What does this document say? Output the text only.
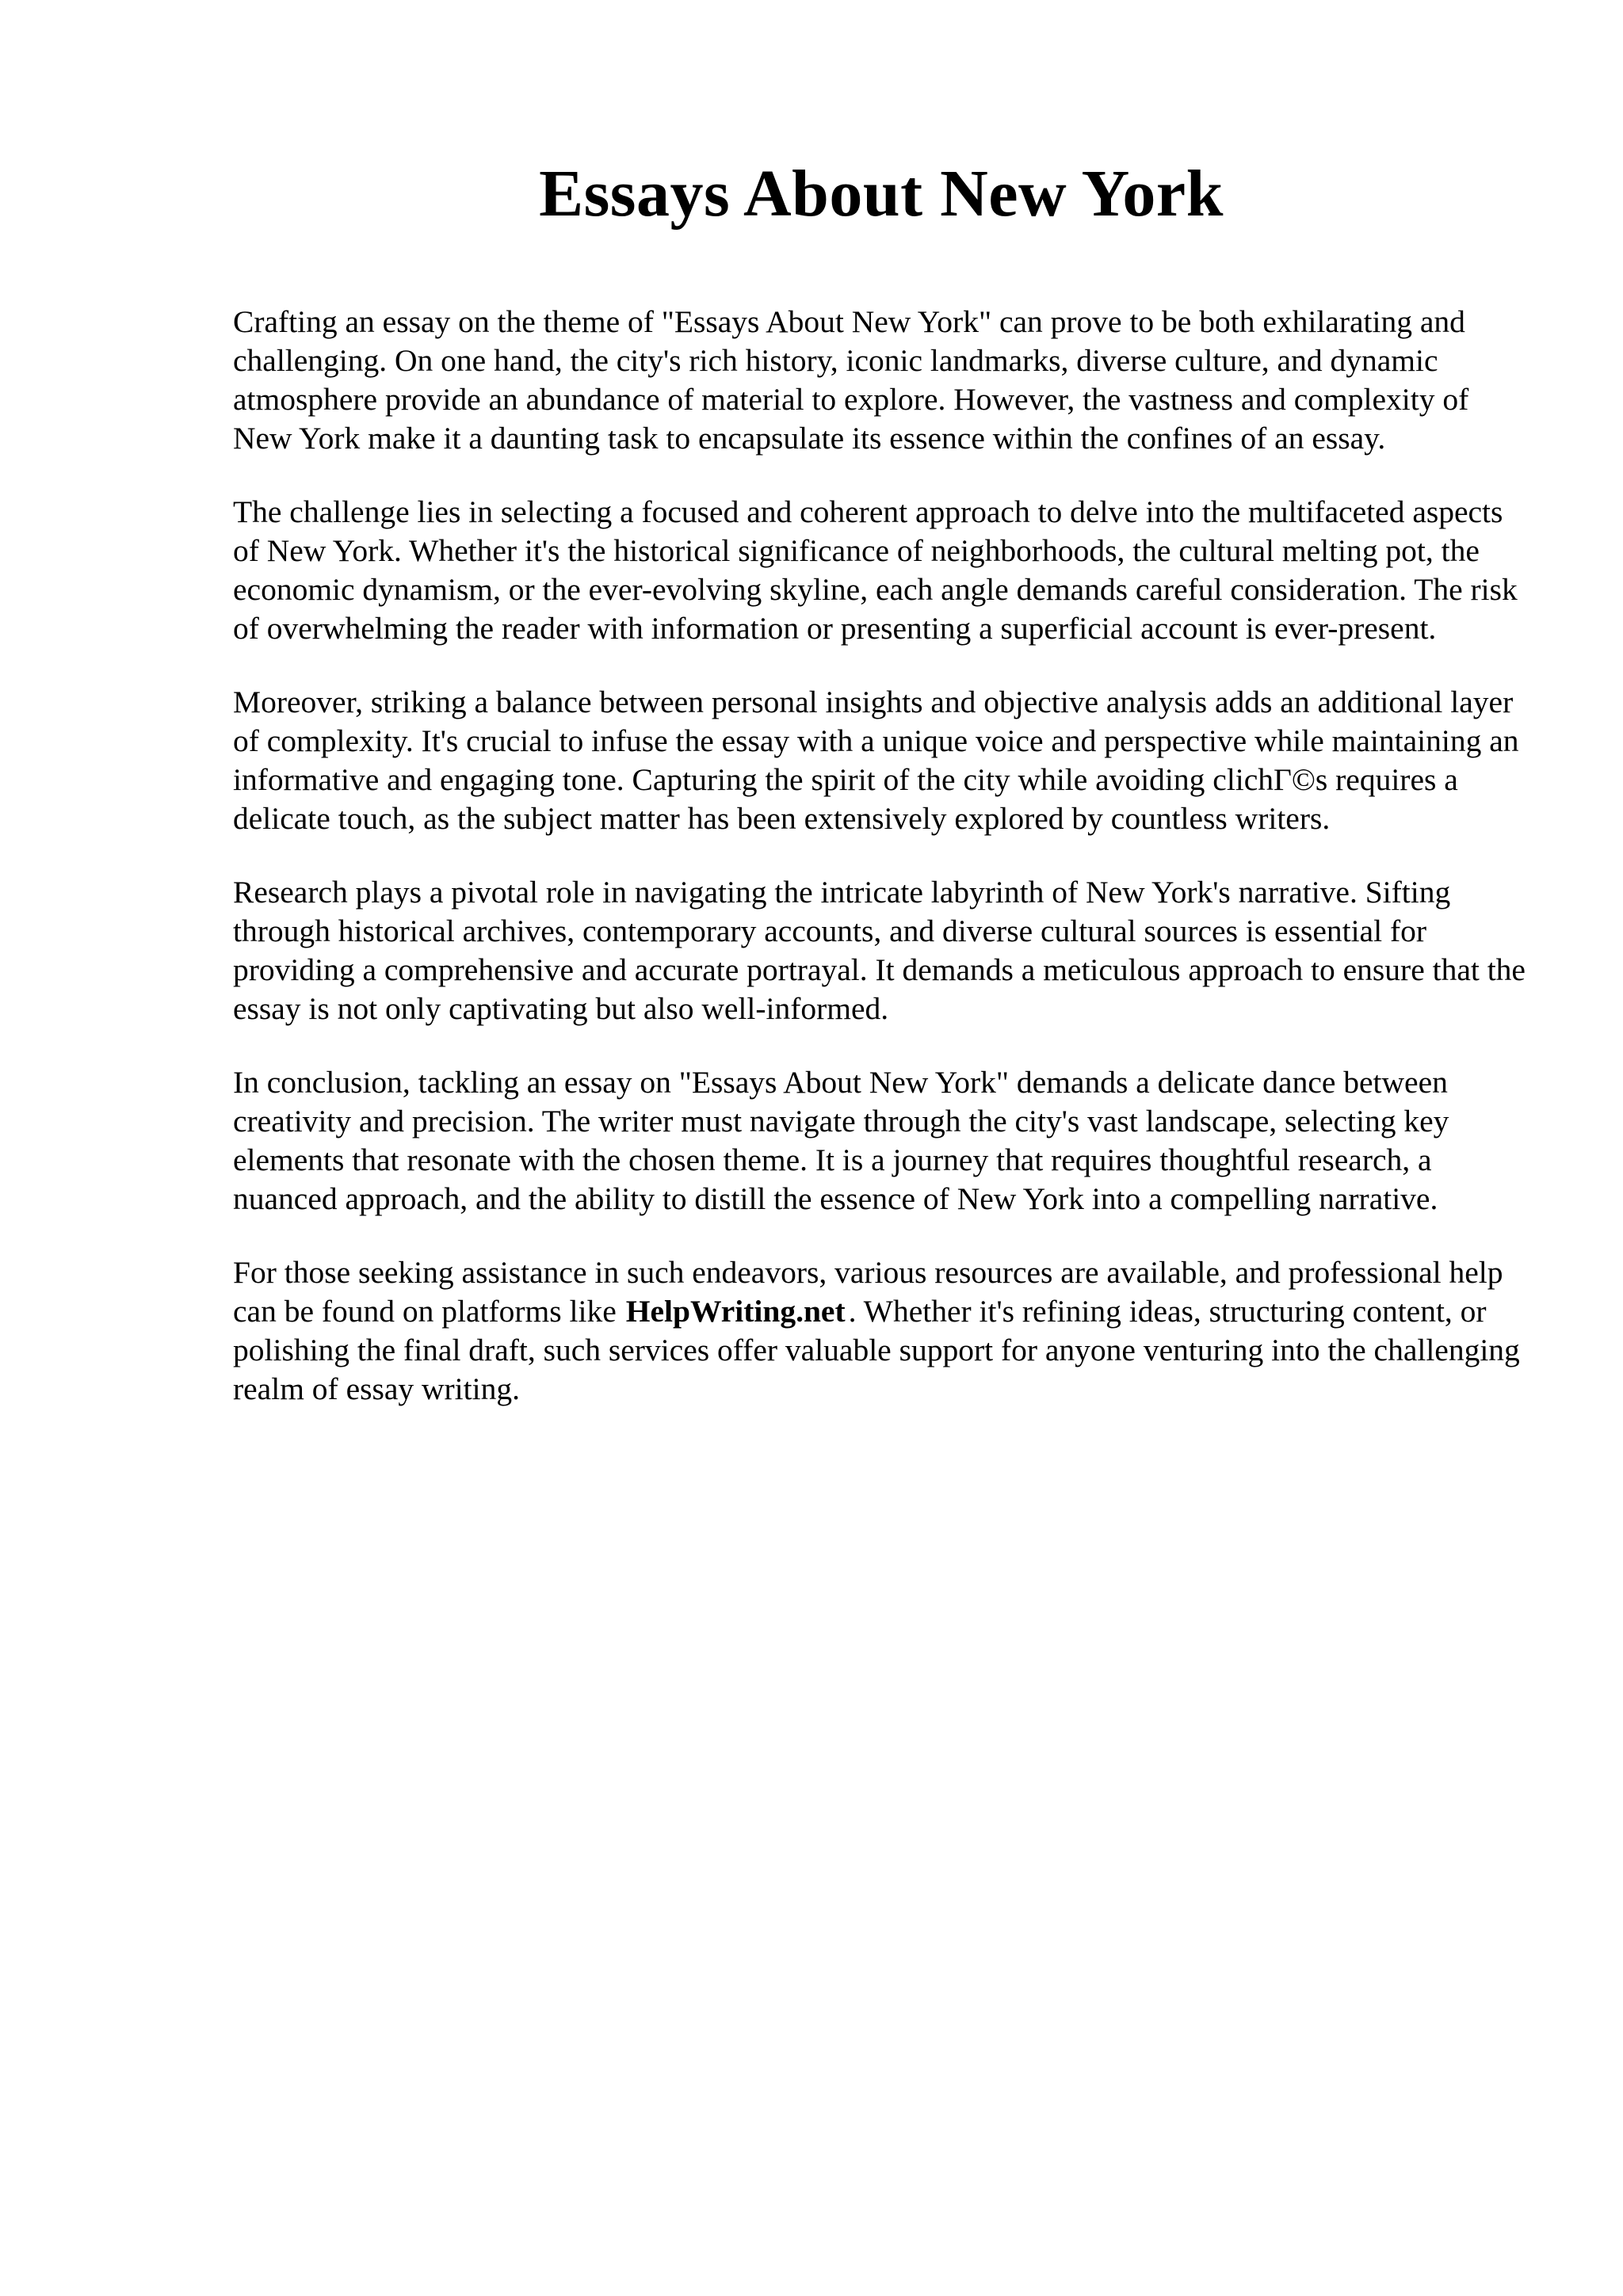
Essays About New York

Crafting an essay on the theme of "Essays About New York" can prove to be both exhilarating and challenging. On one hand, the city's rich history, iconic landmarks, diverse culture, and dynamic atmosphere provide an abundance of material to explore. However, the vastness and complexity of New York make it a daunting task to encapsulate its essence within the confines of an essay.

The challenge lies in selecting a focused and coherent approach to delve into the multifaceted aspects of New York. Whether it's the historical significance of neighborhoods, the cultural melting pot, the economic dynamism, or the ever-evolving skyline, each angle demands careful consideration. The risk of overwhelming the reader with information or presenting a superficial account is ever-present.

Moreover, striking a balance between personal insights and objective analysis adds an additional layer of complexity. It's crucial to infuse the essay with a unique voice and perspective while maintaining an informative and engaging tone. Capturing the spirit of the city while avoiding clichГ©s requires a delicate touch, as the subject matter has been extensively explored by countless writers.

Research plays a pivotal role in navigating the intricate labyrinth of New York's narrative. Sifting through historical archives, contemporary accounts, and diverse cultural sources is essential for providing a comprehensive and accurate portrayal. It demands a meticulous approach to ensure that the essay is not only captivating but also well-informed.

In conclusion, tackling an essay on "Essays About New York" demands a delicate dance between creativity and precision. The writer must navigate through the city's vast landscape, selecting key elements that resonate with the chosen theme. It is a journey that requires thoughtful research, a nuanced approach, and the ability to distill the essence of New York into a compelling narrative.

For those seeking assistance in such endeavors, various resources are available, and professional help can be found on platforms like HelpWriting.net . Whether it's refining ideas, structuring content, or polishing the final draft, such services offer valuable support for anyone venturing into the challenging realm of essay writing.
